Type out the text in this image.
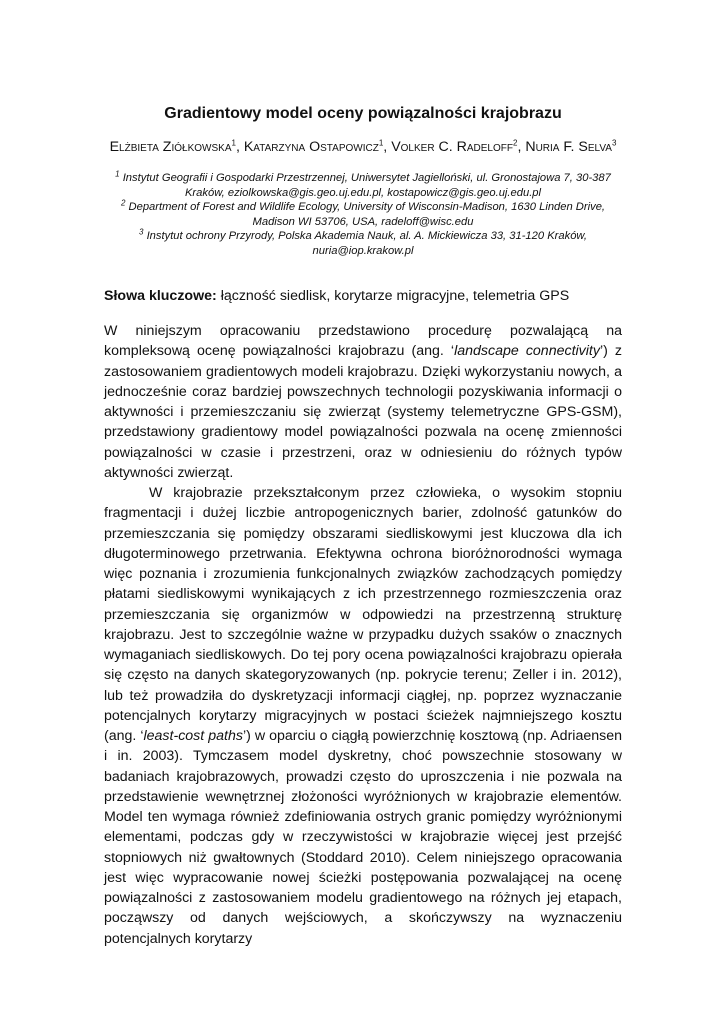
Gradientowy model oceny powiązalności krajobrazu
Elżbieta Ziółkowska$^1$, Katarzyna Ostapowicz$^1$, Volker C. Radeloff$^2$, Nuria F. Selva$^3$

$^1$ Instytut Geografii i Gospodarki Przestrzennej, Uniwersytet Jagielloński, ul. Gronostajowa 7, 30-387 Kraków, eziolkowska@gis.geo.uj.edu.pl, kostapowicz@gis.geo.uj.edu.pl

$^2$ Department of Forest and Wildlife Ecology, University of Wisconsin-Madison, 1630 Linden Drive, Madison WI 53706, USA, radeloff@wisc.edu

$^3$ Instytut ochrony Przyrody, Polska Akademia Nauk, al. A. Mickiewicza 33, 31-120 Kraków, nuria@iop.krakow.pl

Słowa kluczowe: łączność siedlisk, korytarze migracyjne, telemetria GPS

W niniejszym opracowaniu przedstawiono procedurę pozwalającą na kompleksową ocenę powiązalności krajobrazu (ang. ‘landscape connectivity’) z zastosowaniem gradientowych modeli krajobrazu. Dzięki wykorzystaniu nowych, a jednocześnie coraz bardziej powszechnych technologii pozyskiwania informacji o aktywności i przemieszczaniu się zwierząt (systemy telemetryczne GPS-GSM), przedstawiony gradientowy model powiązalności pozwala na ocenę zmienności powiązalności w czasie i przestrzeni, oraz w odniesieniu do różnych typów aktywności zwierząt.

W krajobrazie przekształconym przez człowieka, o wysokim stopniu fragmentacji i dużej liczbie antropogenicznych barier, zdolność gatunków do przemieszczania się pomiędzy obszarami siedliskowymi jest kluczowa dla ich długoterminowego przetrwania. Efektywna ochrona bioróżnorodności wymaga więc poznania i zrozumienia funkcjonalnych związków zachodzących pomiędzy płatami siedliskowymi wynikających z ich przestrzennego rozmieszczenia oraz przemieszczania się organizmów w odpowiedzi na przestrzenną strukturę krajobrazu. Jest to szczególnie ważne w przypadku dużych ssaków o znacznych wymaganiach siedliskowych. Do tej pory ocena powiązalności krajobrazu opierała się często na danych skategoryzowanych (np. pokrycie terenu; Zeller i in. 2012), lub też prowadziła do dyskretyzacji informacji ciągłej, np. poprzez wyznaczanie potencjalnych korytarzy migracyjnych w postaci ścieżek najmniejszego kosztu (ang. ‘least-cost paths’) w oparciu o ciągłą powierzchnię kosztową (np. Adriaensen i in. 2003). Tymczasem model dyskretny, choć powszechnie stosowany w badaniach krajobrazowych, prowadzi często do uproszczenia i nie pozwala na przedstawienie wewnętrznej złożoności wyróżnionych w krajobrazie elementów. Model ten wymaga również zdefiniowania ostrych granic pomiędzy wyróżnionymi elementami, podczas gdy w rzeczywistości w krajobrazie więcej jest przejść stopniowych niż gwałtownych (Stoddard 2010). Celem niniejszego opracowania jest więc wypracowanie nowej ścieżki postępowania pozwalającej na ocenę powiązalności z zastosowaniem modelu gradientowego na różnych jej etapach, począwszy od danych wejściowych, a skończywszy na wyznaczeniu potencjalnych korytarzy
